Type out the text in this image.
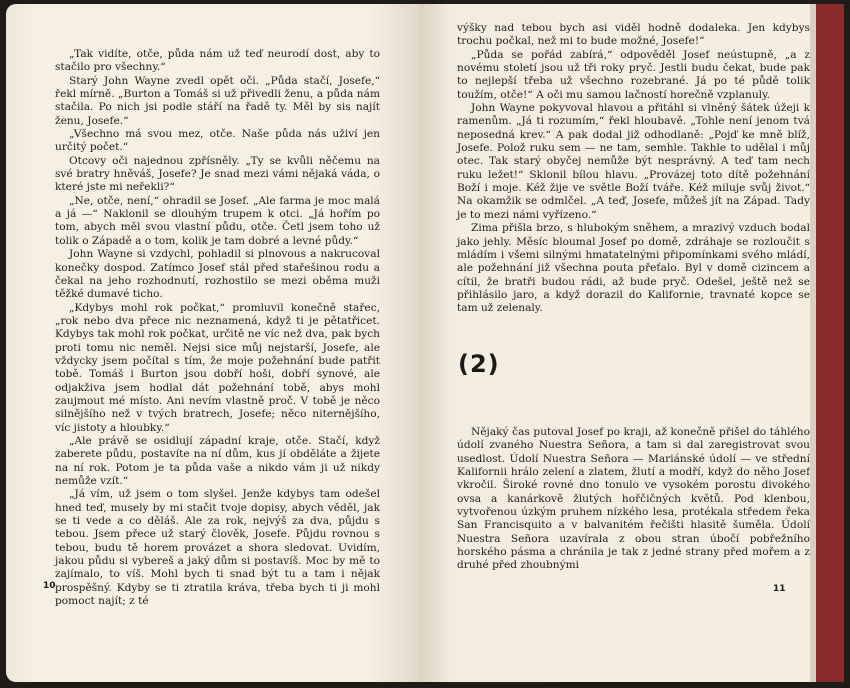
„Tak vidíte, otče, půda nám už teď neurodí dost, aby to stačilo pro všechny.“

Starý John Wayne zvedl opět oči. „Půda stačí, Josefe,“ řekl mírně. „Burton a Tomáš si už přivedli ženu, a půda nám stačila. Po nich jsi podle stáří na řadě ty. Měl by sis najít ženu, Josefe.“

„Všechno má svou mez, otče. Naše půda nás uživí jen určitý počet.“

Otcovy oči najednou zpřísněly. „Ty se kvůli něčemu na své bratry hněváš, Josefe? Je snad mezi vámi nějaká váda, o které jste mi neřekli?“

„Ne, otče, není,“ ohradil se Josef. „Ale farma je moc malá a já —“ Naklonil se dlouhým trupem k otci. „Já hořím po tom, abych měl svou vlastní půdu, otče. Četl jsem toho už tolik o Západě a o tom, kolik je tam dobré a levné půdy.“

John Wayne si vzdychl, pohladil si plnovous a nakrucoval konečky dospod. Zatímco Josef stál před stařešinou rodu a čekal na jeho rozhodnutí, rozhostilo se mezi oběma muži těžké dumavé ticho.

„Kdybys mohl rok počkat,“ promluvil konečně stařec, „rok nebo dva přece nic neznamená, když ti je pětatřicet. Kdybys tak mohl rok počkat, určitě ne víc než dva, pak bych proti tomu nic neměl. Nejsi sice můj nejstarší, Josefe, ale vždycky jsem počítal s tím, že moje požehnání bude patřit tobě. Tomáš i Burton jsou dobří hoši, dobří synové, ale odjakživa jsem hodlal dát požehnání tobě, abys mohl zaujmout mé místo. Ani nevím vlastně proč. V tobě je něco silnějšího než v tvých bratrech, Josefe; něco niternějšího, víc jistoty a hloubky.“

„Ale právě se osidlují západní kraje, otče. Stačí, když zaberete půdu, postavíte na ní dům, kus jí obděláte a žijete na ní rok. Potom je ta půda vaše a nikdo vám ji už nikdy nemůže vzít.“

„Já vím, už jsem o tom slyšel. Jenže kdybys tam odešel hned teď, musely by mi stačit tvoje dopisy, abych věděl, jak se ti vede a co děláš. Ale za rok, nejvýš za dva, půjdu s tebou. Jsem přece už starý člověk, Josefe. Půjdu rovnou s tebou, budu tě horem provázet a shora sledovat. Uvidím, jakou půdu si vybereš a jaký dům si postavíš. Moc by mě to zajímalo, to víš. Mohl bych ti snad být tu a tam i nějak prospěšný. Kdyby se ti ztratila kráva, třeba bych ti ji mohl pomoct najít; z té

10

výšky nad tebou bych asi viděl hodně dodaleka. Jen kdybys trochu počkal, než mi to bude možné, Josefe!“

„Půda se pořád zabírá,“ odpověděl Josef neústupně, „a z novému století jsou už tři roky pryč. Jestli budu čekat, bude pak to nejlepší třeba už všechno rozebrané. Já po té půdě tolik toužím, otče!“ A oči mu samou lačností horečně vzplanuly.

John Wayne pokyvoval hlavou a přitáhl si vlněný šátek úžeji k ramenům. „Já ti rozumím,“ řekl hloubavě. „Tohle není jenom tvá neposedná krev.“ A pak dodal již odhodlaně: „Pojď ke mně blíž, Josefe. Polož ruku sem — ne tam, semhle. Takhle to udělal i můj otec. Tak starý obyčej nemůže být nesprávný. A teď tam nech ruku ležet!“ Sklonil bílou hlavu. „Provázej toto dítě požehnání Boží i moje. Kéž žije ve světle Boží tváře. Kéž miluje svůj život.“ Na okamžik se odmlčel. „A teď, Josefe, můžeš jít na Západ. Tady je to mezi námi vyřízeno.“

Zima přišla brzo, s hlubokým sněhem, a mrazivý vzduch bodal jako jehly. Měsíc bloumal Josef po domě, zdráhaje se rozloučit s mládím i všemi silnými hmatatelnými připomínkami svého mládí, ale požehnání již všechna pouta přeťalo. Byl v domě cizincem a cítil, že bratři budou rádi, až bude pryč. Odešel, ještě než se přihlásilo jaro, a když dorazil do Kalifornie, travnaté kopce se tam už zelenaly.

(2)

Nějaký čas putoval Josef po kraji, až konečně přišel do táhlého údolí zvaného Nuestra Señora, a tam si dal zaregistrovat svou usedlost. Údolí Nuestra Señora — Mariánské údolí — ve střední Kalifornii hrálo zelení a zlatem, žlutí a modří, když do něho Josef vkročil. Široké rovné dno tonulo ve vysokém porostu divokého ovsa a kanárkově žlutých hořčičných květů. Pod klenbou, vytvořenou úzkým pruhem nízkého lesa, protékala středem řeka San Francisquito a v balvanitém řečišti hlasitě šuměla. Údolí Nuestra Señora uzavírala z obou stran úbočí pobřežního horského pásma a chránila je tak z jedné strany před mořem a z druhé před zhoubnými

11
